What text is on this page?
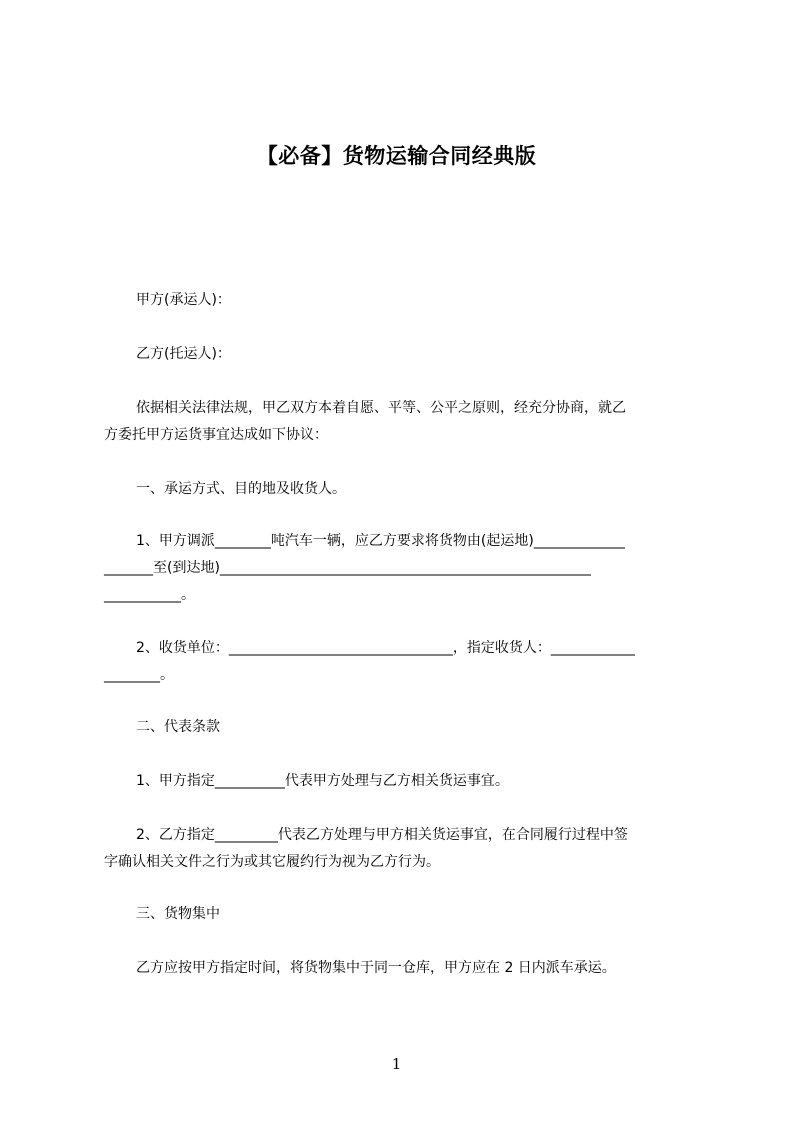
【必备】货物运输合同经典版
甲方(承运人)：
乙方(托运人)：
依据相关法律法规，甲乙双方本着自愿、平等、公平之原则，经充分协商，就乙
方委托甲方运货事宜达成如下协议：
一、承运方式、目的地及收货人。
1、甲方调派________吨汽车一辆，应乙方要求将货物由(起运地)_____________
_______至(到达地)_____________________________________________________
___________。
2、收货单位：________________________________，指定收货人：____________
________。
二、代表条款
1、甲方指定__________代表甲方处理与乙方相关货运事宜。
2、乙方指定_________代表乙方处理与甲方相关货运事宜，在合同履行过程中签
字确认相关文件之行为或其它履约行为视为乙方行为。
三、货物集中
乙方应按甲方指定时间，将货物集中于同一仓库，甲方应在 2 日内派车承运。
1
